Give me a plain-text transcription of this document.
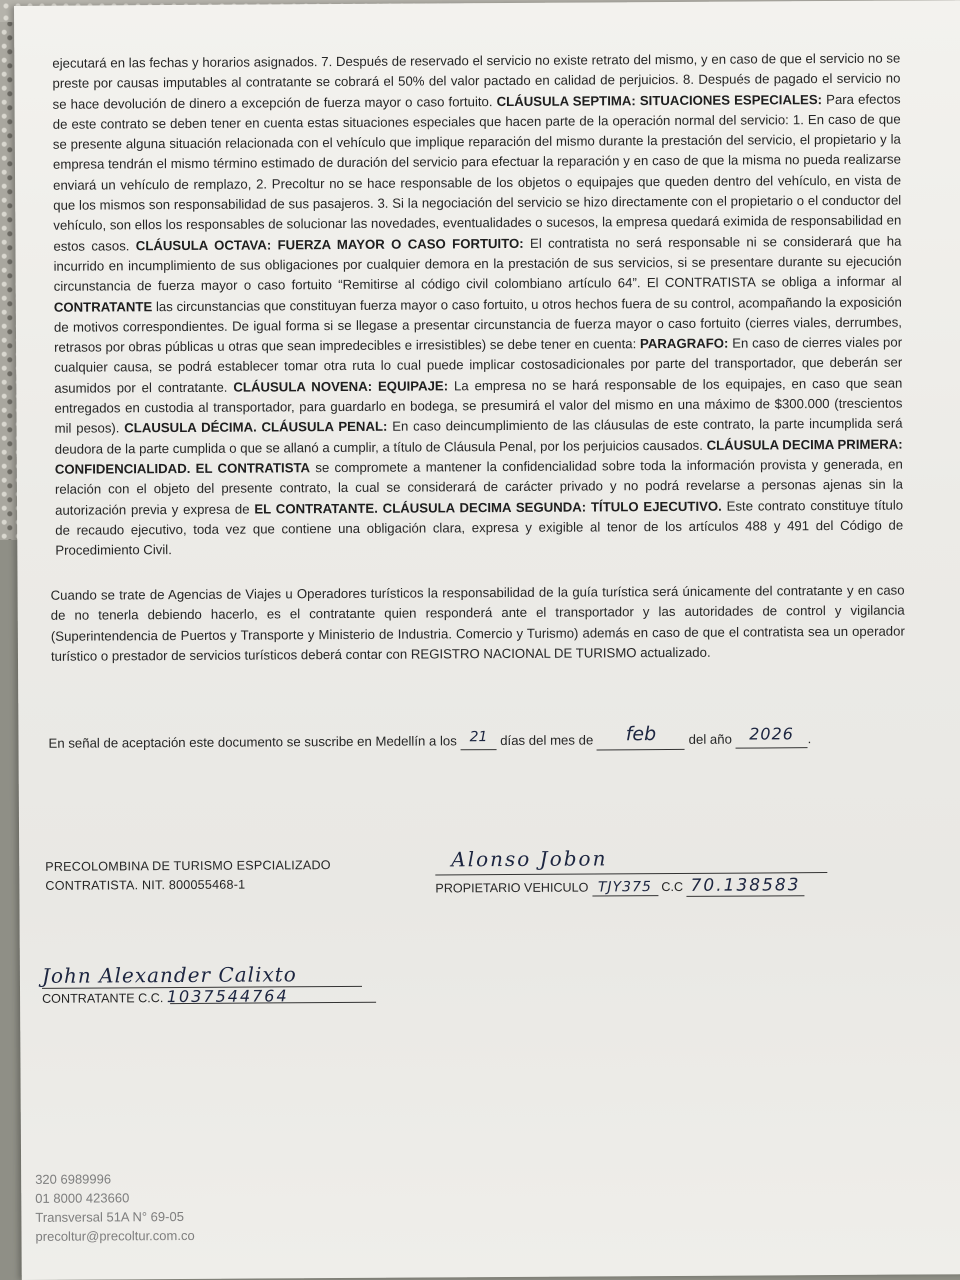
ejecutará en las fechas y horarios asignados. 7. Después de reservado el servicio no existe retrato del mismo, y en caso de que el servicio no se preste por causas imputables al contratante se cobrará el 50% del valor pactado en calidad de perjuicios. 8. Después de pagado el servicio no se hace devolución de dinero a excepción de fuerza mayor o caso fortuito. CLÁUSULA SEPTIMA: SITUACIONES ESPECIALES: Para efectos de este contrato se deben tener en cuenta estas situaciones especiales que hacen parte de la operación normal del servicio: 1. En caso de que se presente alguna situación relacionada con el vehículo que implique reparación del mismo durante la prestación del servicio, el propietario y la empresa tendrán el mismo término estimado de duración del servicio para efectuar la reparación y en caso de que la misma no pueda realizarse enviará un vehículo de remplazo, 2. Precoltur no se hace responsable de los objetos o equipajes que queden dentro del vehículo, en vista de que los mismos son responsabilidad de sus pasajeros. 3. Si la negociación del servicio se hizo directamente con el propietario o el conductor del vehículo, son ellos los responsables de solucionar las novedades, eventualidades o sucesos, la empresa quedará eximida de responsabilidad en estos casos. CLÁUSULA OCTAVA: FUERZA MAYOR O CASO FORTUITO: El contratista no será responsable ni se considerará que ha incurrido en incumplimiento de sus obligaciones por cualquier demora en la prestación de sus servicios, si se presentare durante su ejecución circunstancia de fuerza mayor o caso fortuito “Remitirse al código civil colombiano artículo 64”. El CONTRATISTA se obliga a informar al CONTRATANTE las circunstancias que constituyan fuerza mayor o caso fortuito, u otros hechos fuera de su control, acompañando la exposición de motivos correspondientes. De igual forma si se llegase a presentar circunstancia de fuerza mayor o caso fortuito (cierres viales, derrumbes, retrasos por obras públicas u otras que sean impredecibles e irresistibles) se debe tener en cuenta: PARAGRAFO: En caso de cierres viales por cualquier causa, se podrá establecer tomar otra ruta lo cual puede implicar costosadicionales por parte del transportador, que deberán ser asumidos por el contratante. CLÁUSULA NOVENA: EQUIPAJE: La empresa no se hará responsable de los equipajes, en caso que sean entregados en custodia al transportador, para guardarlo en bodega, se presumirá el valor del mismo en una máximo de $300.000 (trescientos mil pesos). CLAUSULA DÉCIMA. CLÁUSULA PENAL: En caso deincumplimiento de las cláusulas de este contrato, la parte incumplida será deudora de la parte cumplida o que se allanó a cumplir, a título de Cláusula Penal, por los perjuicios causados. CLÁUSULA DECIMA PRIMERA: CONFIDENCIALIDAD. EL CONTRATISTA se compromete a mantener la confidencialidad sobre toda la información provista y generada, en relación con el objeto del presente contrato, la cual se considerará de carácter privado y no podrá revelarse a personas ajenas sin la autorización previa y expresa de EL CONTRATANTE. CLÁUSULA DECIMA SEGUNDA: TÍTULO EJECUTIVO. Este contrato constituye título de recaudo ejecutivo, toda vez que contiene una obligación clara, expresa y exigible al tenor de los artículos 488 y 491 del Código de Procedimiento Civil.
Cuando se trate de Agencias de Viajes u Operadores turísticos la responsabilidad de la guía turística será únicamente del contratante y en caso de no tenerla debiendo hacerlo, es el contratante quien responderá ante el transportador y las autoridades de control y vigilancia (Superintendencia de Puertos y Transporte y Ministerio de Industria. Comercio y Turismo) además en caso de que el contratista sea un operador turístico o prestador de servicios turísticos deberá contar con REGISTRO NACIONAL DE TURISMO actualizado.
En señal de aceptación este documento se suscribe en Medellín a los 21 días del mes de feb del año 2026 .
PRECOLOMBINA DE TURISMO ESPCIALIZADO
CONTRATISTA. NIT. 800055468-1
Alonso Jobon
PROPIETARIO VEHICULO TJY375 C.C 70.138583
John Alexander Calixto
CONTRATANTE C.C. 1037544764
320 6989996
01 8000 423660
Transversal 51A N° 69-05
precoltur@precoltur.com.co
